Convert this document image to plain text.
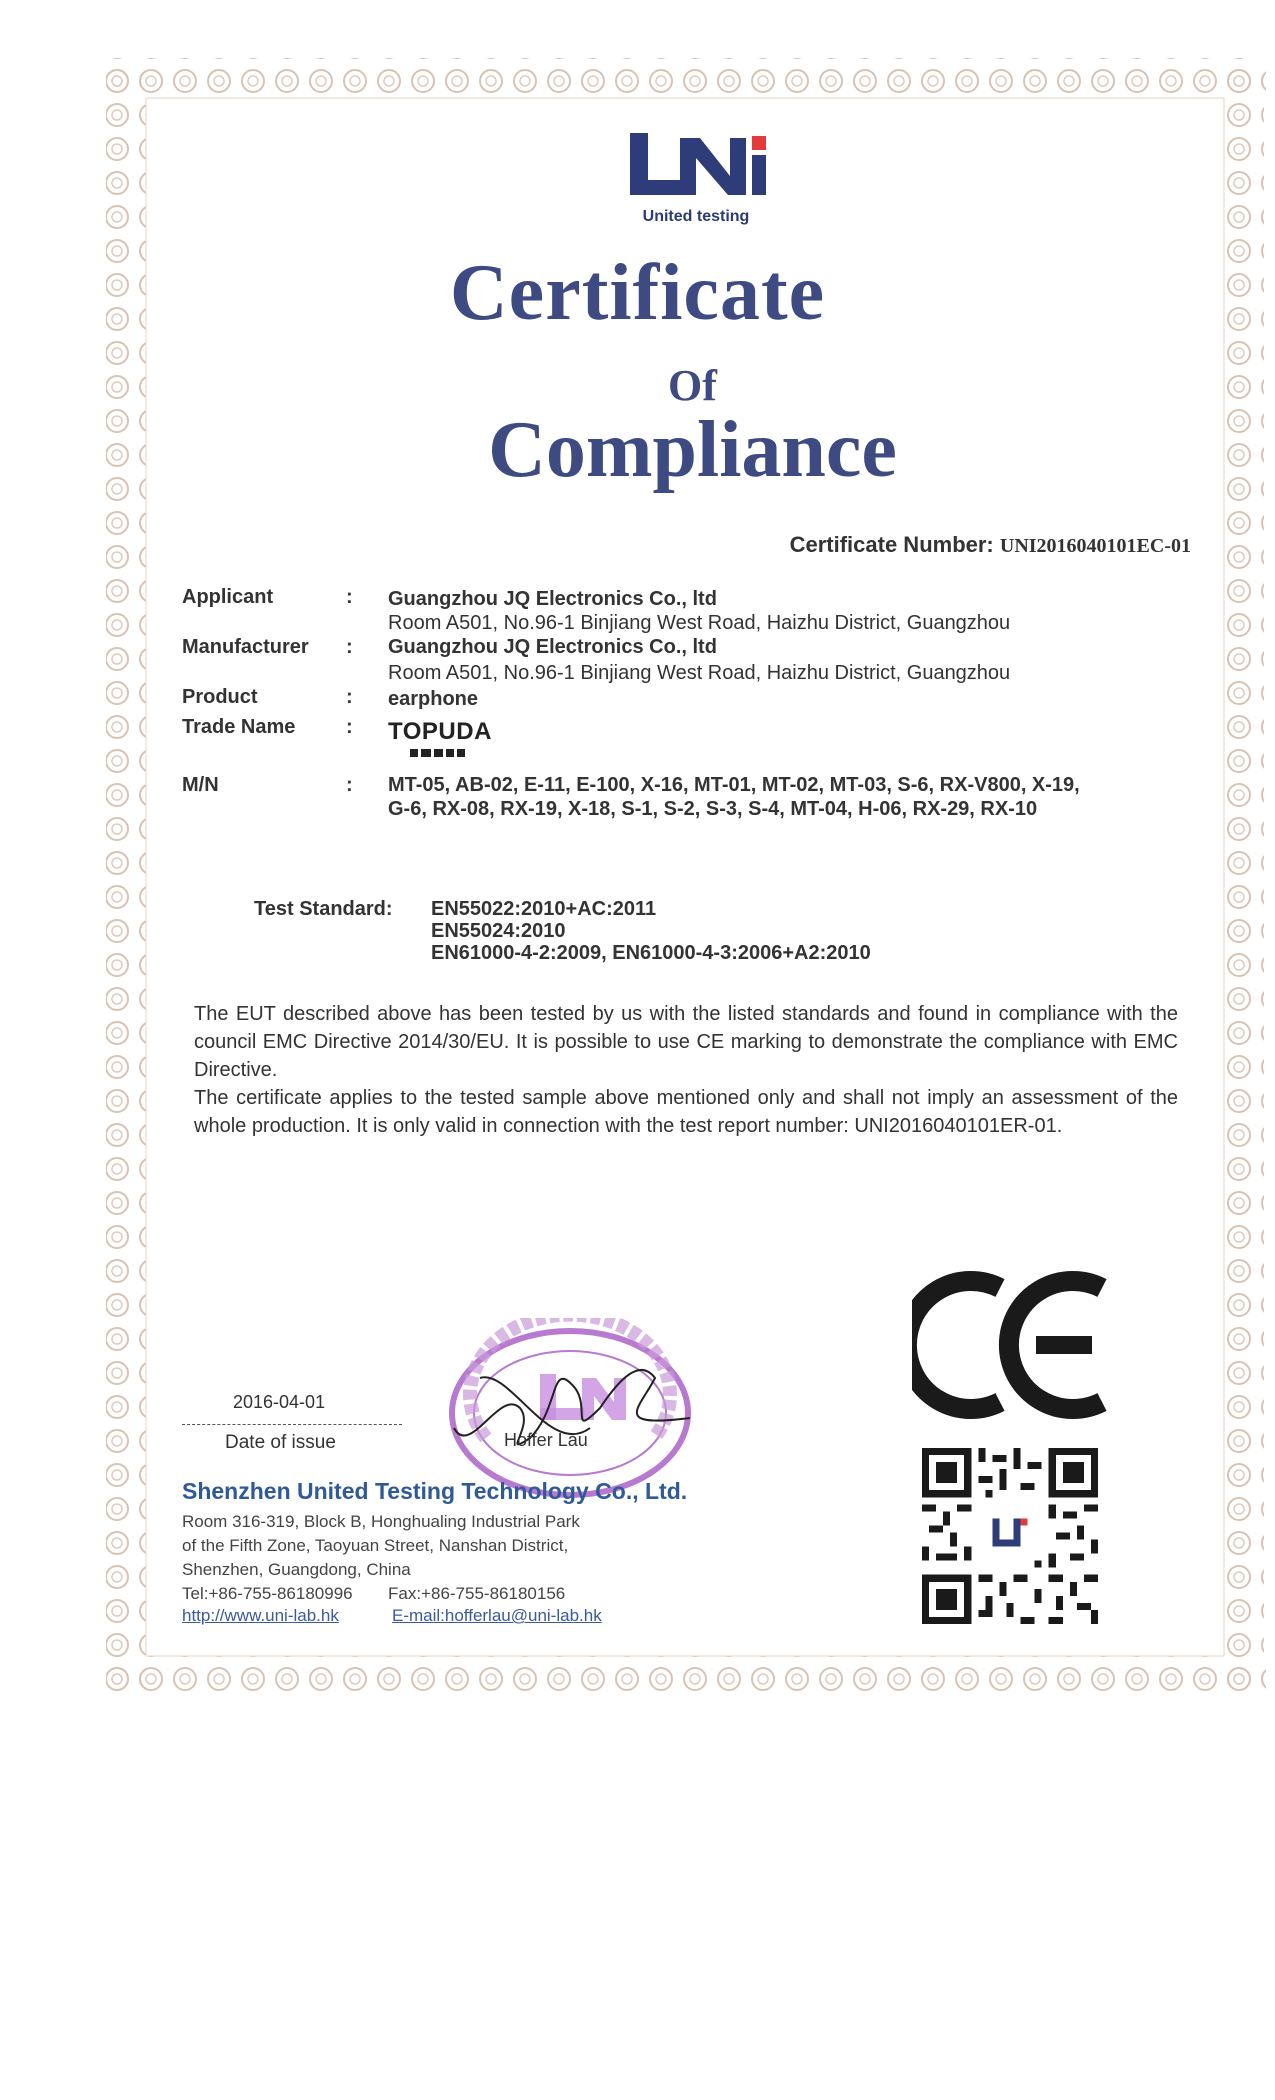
United testing
Certificate
Of
Compliance
Certificate Number: UNI2016040101EC-01
Applicant	: Guangzhou JQ Electronics Co., ltd
Room A501, No.96-1 Binjiang West Road, Haizhu District, Guangzhou
Manufacturer : Guangzhou JQ Electronics Co., ltd
Room A501, No.96-1 Binjiang West Road, Haizhu District, Guangzhou
Product	: earphone
Trade Name	: TOPUDA
M/N	: MT-05, AB-02, E-11, E-100, X-16, MT-01, MT-02, MT-03, S-6, RX-V800, X-19,
G-6, RX-08, RX-19, X-18, S-1, S-2, S-3, S-4, MT-04, H-06, RX-29, RX-10
Test Standard: EN55022:2010+AC:2011
EN55024:2010
EN61000-4-2:2009, EN61000-4-3:2006+A2:2010
The EUT described above has been tested by us with the listed standards and found in compliance with the council EMC Directive 2014/30/EU. It is possible to use CE marking to demonstrate the compliance with EMC Directive.
The certificate applies to the tested sample above mentioned only and shall not imply an assessment of the whole production. It is only valid in connection with the test report number: UNI2016040101ER-01.
2016-04-01
Date of issue	Hoffer Lau
Shenzhen United Testing Technology Co., Ltd.
Room 316-319, Block B, Honghualing Industrial Park
of the Fifth Zone, Taoyuan Street, Nanshan District,
Shenzhen, Guangdong, China
Tel:+86-755-86180996 Fax:+86-755-86180156
http://www.uni-lab.hk	E-mail:hofferlau@uni-lab.hk
